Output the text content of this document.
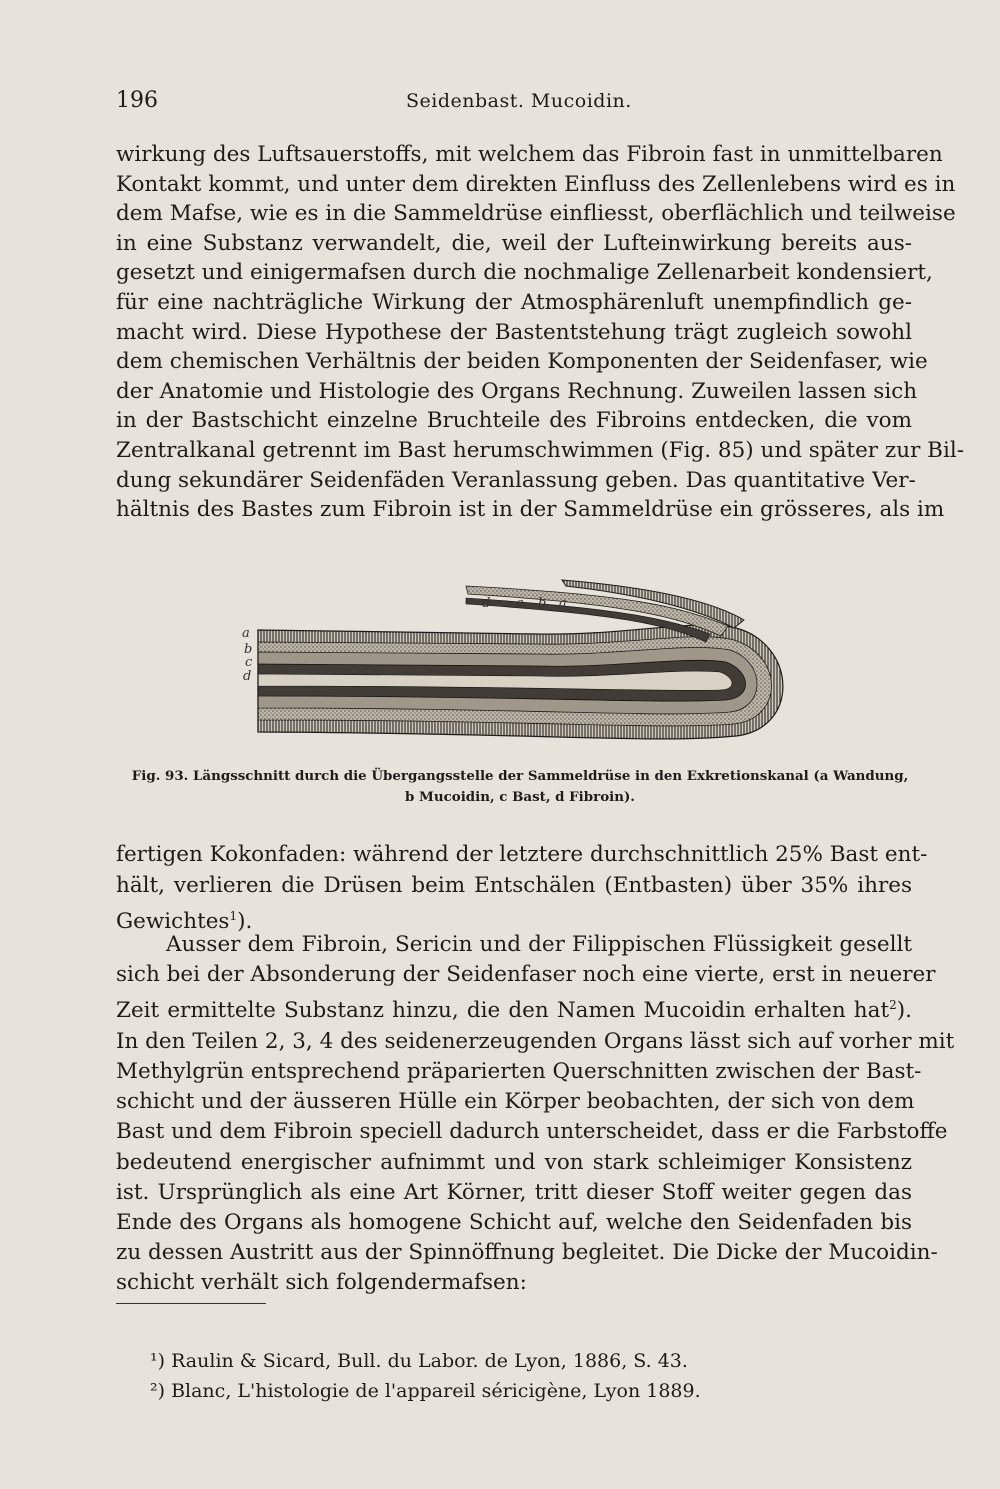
196	Seidenbast. Mucoidin.
wirkung des Luftsauerstoffs, mit welchem das Fibroin fast in unmittelbaren
Kontakt kommt, und unter dem direkten Einfluss des Zellenlebens wird es in
dem Mafse, wie es in die Sammeldrüse einfliesst, oberflächlich und teilweise
in eine Substanz verwandelt, die, weil der Lufteinwirkung bereits aus-
gesetzt und einigermafsen durch die nochmalige Zellenarbeit kondensiert,
für eine nachträgliche Wirkung der Atmosphärenluft unempfindlich ge-
macht wird. Diese Hypothese der Bastentstehung trägt zugleich sowohl
dem chemischen Verhältnis der beiden Komponenten der Seidenfaser, wie
der Anatomie und Histologie des Organs Rechnung. Zuweilen lassen sich
in der Bastschicht einzelne Bruchteile des Fibroins entdecken, die vom
Zentralkanal getrennt im Bast herumschwimmen (Fig. 85) und später zur Bil-
dung sekundärer Seidenfäden Veranlassung geben. Das quantitative Ver-
hältnis des Bastes zum Fibroin ist in der Sammeldrüse ein grösseres, als im
d c b a
a
b
c
d
Fig. 93. Längsschnitt durch die Übergangsstelle der Sammeldrüse in den Exkretionskanal (a Wandung,
b Mucoidin, c Bast, d Fibroin).
fertigen Kokonfaden: während der letztere durchschnittlich 25% Bast ent-
hält, verlieren die Drüsen beim Entschälen (Entbasten) über 35% ihres
Gewichtes$^1$).
Ausser dem Fibroin, Sericin und der Filippischen Flüssigkeit gesellt
sich bei der Absonderung der Seidenfaser noch eine vierte, erst in neuerer
Zeit ermittelte Substanz hinzu, die den Namen Mucoidin erhalten hat$^2$).
In den Teilen 2, 3, 4 des seidenerzeugenden Organs lässt sich auf vorher mit
Methylgrün entsprechend präparierten Querschnitten zwischen der Bast-
schicht und der äusseren Hülle ein Körper beobachten, der sich von dem
Bast und dem Fibroin speciell dadurch unterscheidet, dass er die Farbstoffe
bedeutend energischer aufnimmt und von stark schleimiger Konsistenz
ist. Ursprünglich als eine Art Körner, tritt dieser Stoff weiter gegen das
Ende des Organs als homogene Schicht auf, welche den Seidenfaden bis
zu dessen Austritt aus der Spinnöffnung begleitet. Die Dicke der Mucoidin-
schicht verhält sich folgendermafsen:
¹) Raulin & Sicard, Bull. du Labor. de Lyon, 1886, S. 43.
²) Blanc, L'histologie de l'appareil séricigène, Lyon 1889.
